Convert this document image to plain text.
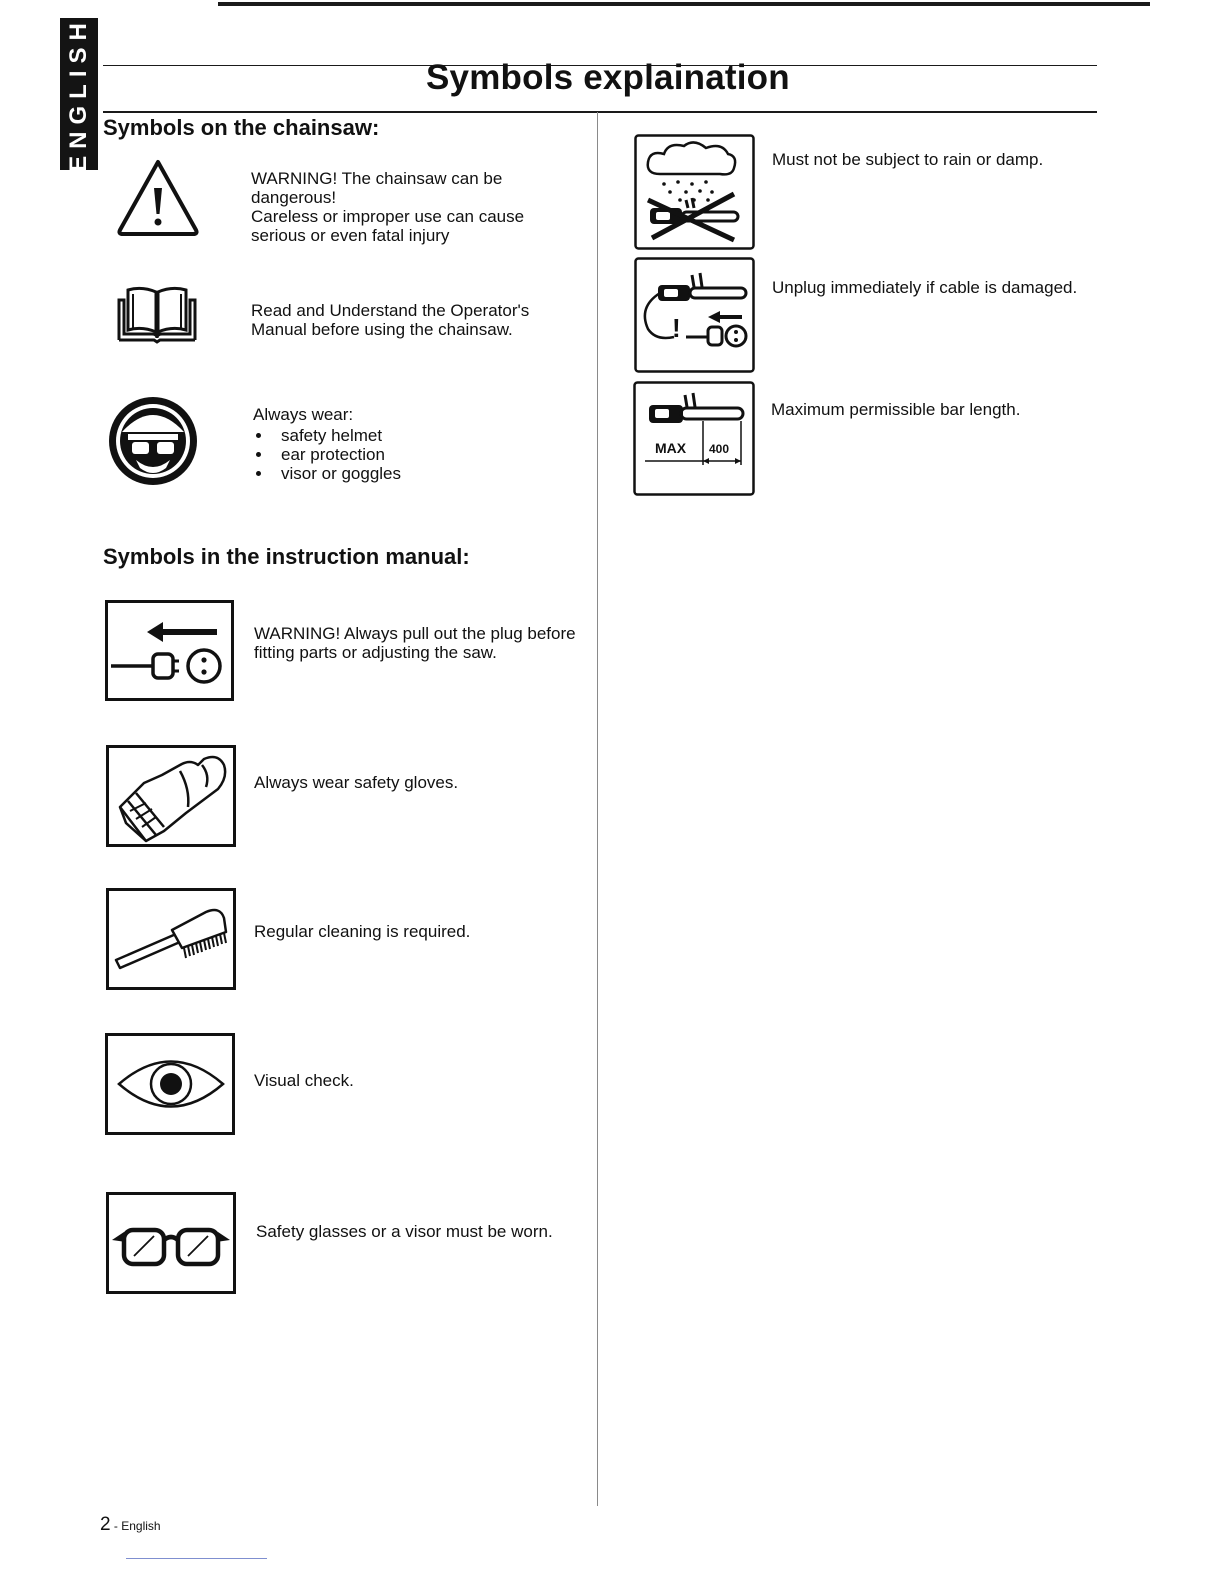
ENGLISH	Symbols explaination
Symbols on the chainsaw:
WARNING! The chainsaw can be
dangerous!
Careless or improper use can cause
serious or even fatal injury
Read and Understand the Operator's
Manual before using the chainsaw.
Always wear:
safety helmet
ear protection
visor or goggles
Symbols in the instruction manual:
WARNING! Always pull out the plug before
fitting parts or adjusting the saw.
Always wear safety gloves.
Regular cleaning is required.
Visual check.
Safety glasses or a visor must be worn.
Must not be subject to rain or damp.
!
Unplug immediately if cable is damaged.
MAX 400
Maximum permissible bar length.
2 - English
